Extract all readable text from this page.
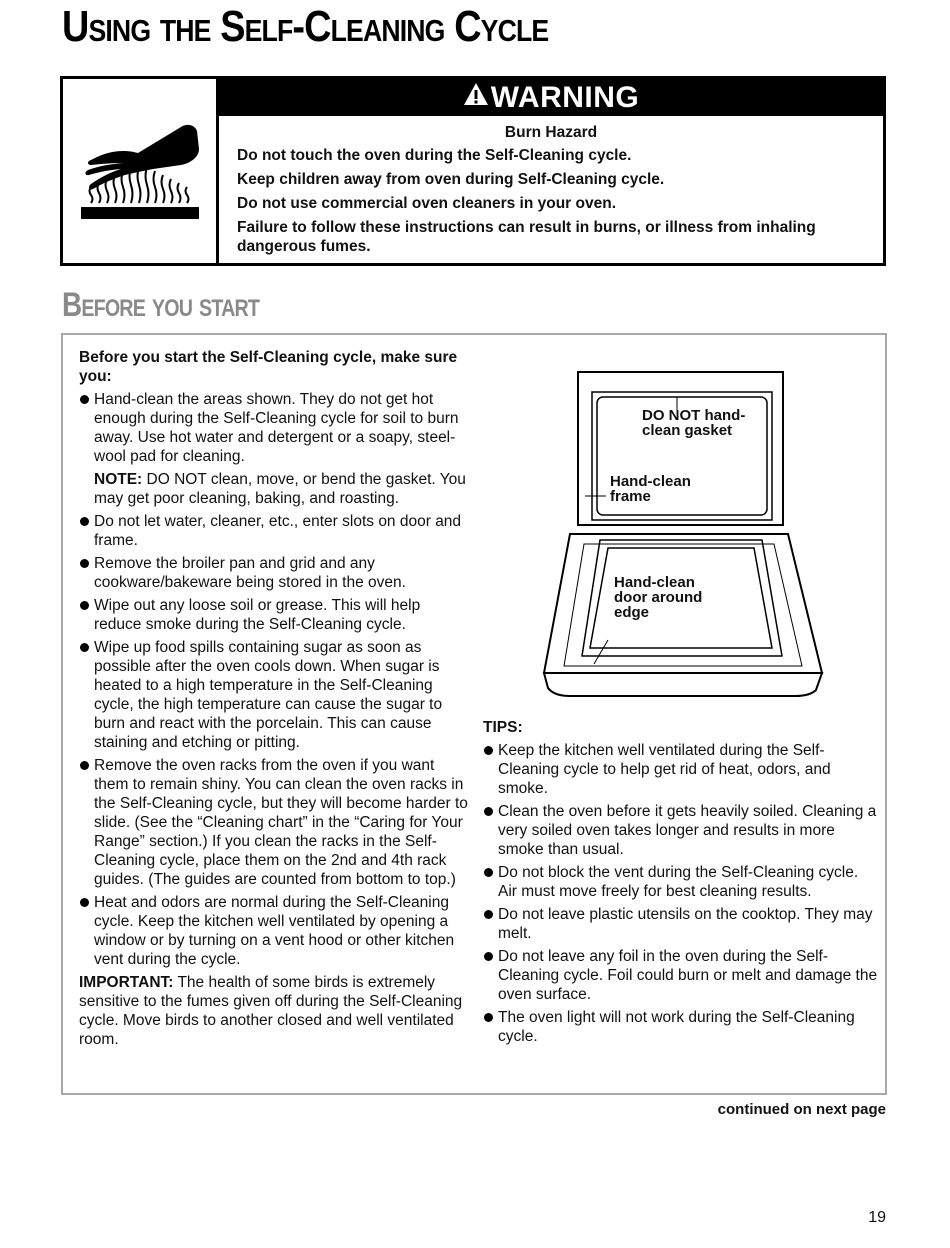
Using the Self-Cleaning Cycle
WARNING
Burn Hazard

Do not touch the oven during the Self-Cleaning cycle.

Keep children away from oven during Self-Cleaning cycle.

Do not use commercial oven cleaners in your oven.

Failure to follow these instructions can result in burns, or illness from inhaling dangerous fumes.

Before you start

Before you start the Self-Cleaning cycle, make sure you:

Hand-clean the areas shown. They do not get hot enough during the Self-Cleaning cycle for soil to burn away. Use hot water and detergent or a soapy, steel-wool pad for cleaning.
NOTE: DO NOT clean, move, or bend the gasket. You may get poor cleaning, baking, and roasting.
Do not let water, cleaner, etc., enter slots on door and frame.
Remove the broiler pan and grid and any cookware/bakeware being stored in the oven.
Wipe out any loose soil or grease. This will help reduce smoke during the Self-Cleaning cycle.
Wipe up food spills containing sugar as soon as possible after the oven cools down. When sugar is heated to a high temperature in the Self-Cleaning cycle, the high temperature can cause the sugar to burn and react with the porcelain. This can cause staining and etching or pitting.
Remove the oven racks from the oven if you want them to remain shiny. You can clean the oven racks in the Self-Cleaning cycle, but they will become harder to slide. (See the “Cleaning chart” in the “Caring for Your Range” section.) If you clean the racks in the Self-Cleaning cycle, place them on the 2nd and 4th rack guides. (The guides are counted from bottom to top.)
Heat and odors are normal during the Self-Cleaning cycle. Keep the kitchen well ventilated by opening a window or by turning on a vent hood or other kitchen vent during the cycle.

IMPORTANT: The health of some birds is extremely sensitive to the fumes given off during the Self-Cleaning cycle. Move birds to another closed and well ventilated room.

DO NOT hand-clean gasket
Hand-clean frame
Hand-clean door around edge

TIPS:

Keep the kitchen well ventilated during the Self-Cleaning cycle to help get rid of heat, odors, and smoke.
Clean the oven before it gets heavily soiled. Cleaning a very soiled oven takes longer and results in more smoke than usual.
Do not block the vent during the Self-Cleaning cycle. Air must move freely for best cleaning results.
Do not leave plastic utensils on the cooktop. They may melt.
Do not leave any foil in the oven during the Self-Cleaning cycle. Foil could burn or melt and damage the oven surface.
The oven light will not work during the Self-Cleaning cycle.
continued on next page
19
